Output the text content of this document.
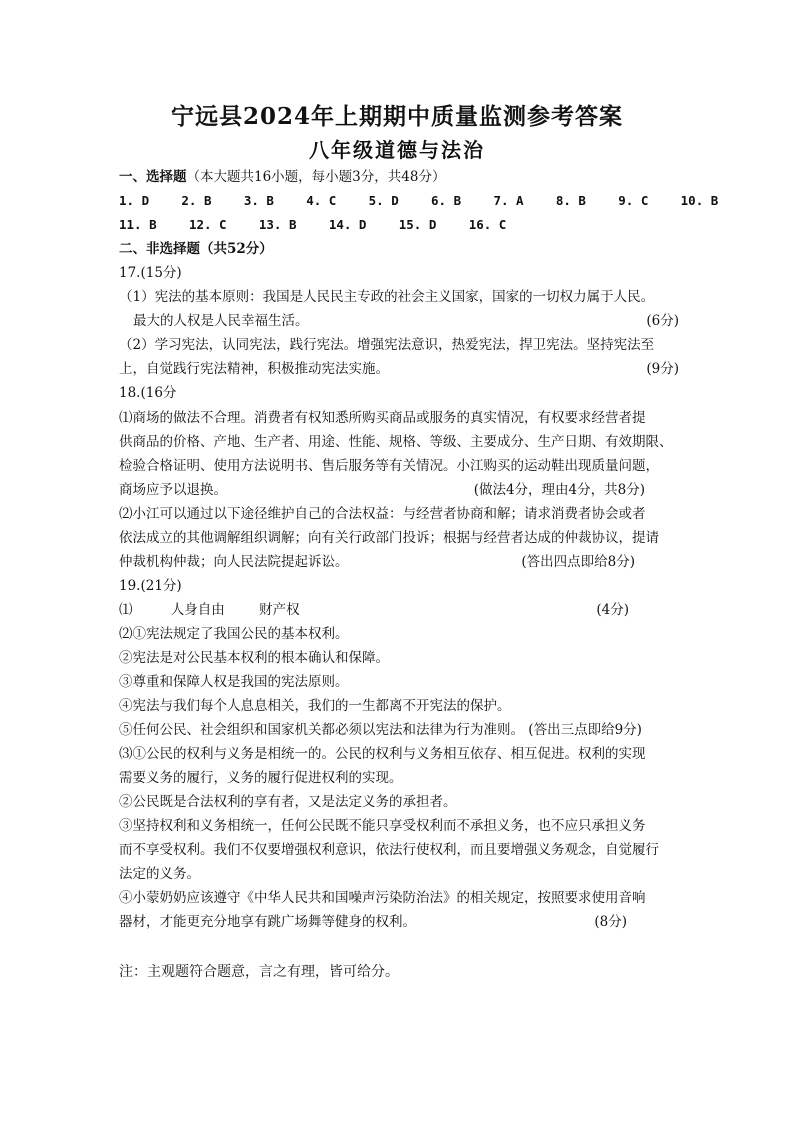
宁远县2024年上期期中质量监测参考答案
八年级道德与法治
一、选择题（本大题共16小题，每小题3分，共48分）
1. D	2. B	3. B	4. C	5. D	6. B	7. A	8. B	9. C	10. B
11. B	12. C	13. B	14. D	15. D	16. C
二、非选择题（共52分）
17.(15分)
（1）宪法的基本原则：我国是人民民主专政的社会主义国家，国家的一切权力属于人民。
最大的人权是人民幸福生活。	(6分)
（2）学习宪法，认同宪法，践行宪法。增强宪法意识，热爱宪法，捍卫宪法。坚持宪法至
上，自觉践行宪法精神，积极推动宪法实施。	(9分)
18.(16分
⑴商场的做法不合理。消费者有权知悉所购买商品或服务的真实情况，有权要求经营者提
供商品的价格、产地、生产者、用途、性能、规格、等级、主要成分、生产日期、有效期限、
检验合格证明、使用方法说明书、售后服务等有关情况。小江购买的运动鞋出现质量问题，
商场应予以退换。	(做法4分，理由4分，共8分)
⑵小江可以通过以下途径维护自己的合法权益：与经营者协商和解；请求消费者协会或者
依法成立的其他调解组织调解；向有关行政部门投诉；根据与经营者达成的仲裁协议，提请
仲裁机构仲裁；向人民法院提起诉讼。	(答出四点即给8分)
19.(21分)
⑴	人身自由	财产权	(4分)
⑵①宪法规定了我国公民的基本权利。
②宪法是对公民基本权利的根本确认和保障。
③尊重和保障人权是我国的宪法原则。
④宪法与我们每个人息息相关，我们的一生都离不开宪法的保护。
⑤任何公民、社会组织和国家机关都必须以宪法和法律为行为准则。 (答出三点即给9分)
⑶①公民的权利与义务是相统一的。公民的权利与义务相互依存、相互促进。权利的实现
需要义务的履行，义务的履行促进权利的实现。
②公民既是合法权利的享有者，又是法定义务的承担者。
③坚持权利和义务相统一，任何公民既不能只享受权利而不承担义务，也不应只承担义务
而不享受权利。我们不仅要增强权利意识，依法行使权利，而且要增强义务观念，自觉履行
法定的义务。
④小蒙奶奶应该遵守《中华人民共和国噪声污染防治法》的相关规定，按照要求使用音响
器材，才能更充分地享有跳广场舞等健身的权利。	(8分)
注：主观题符合题意，言之有理，皆可给分。
